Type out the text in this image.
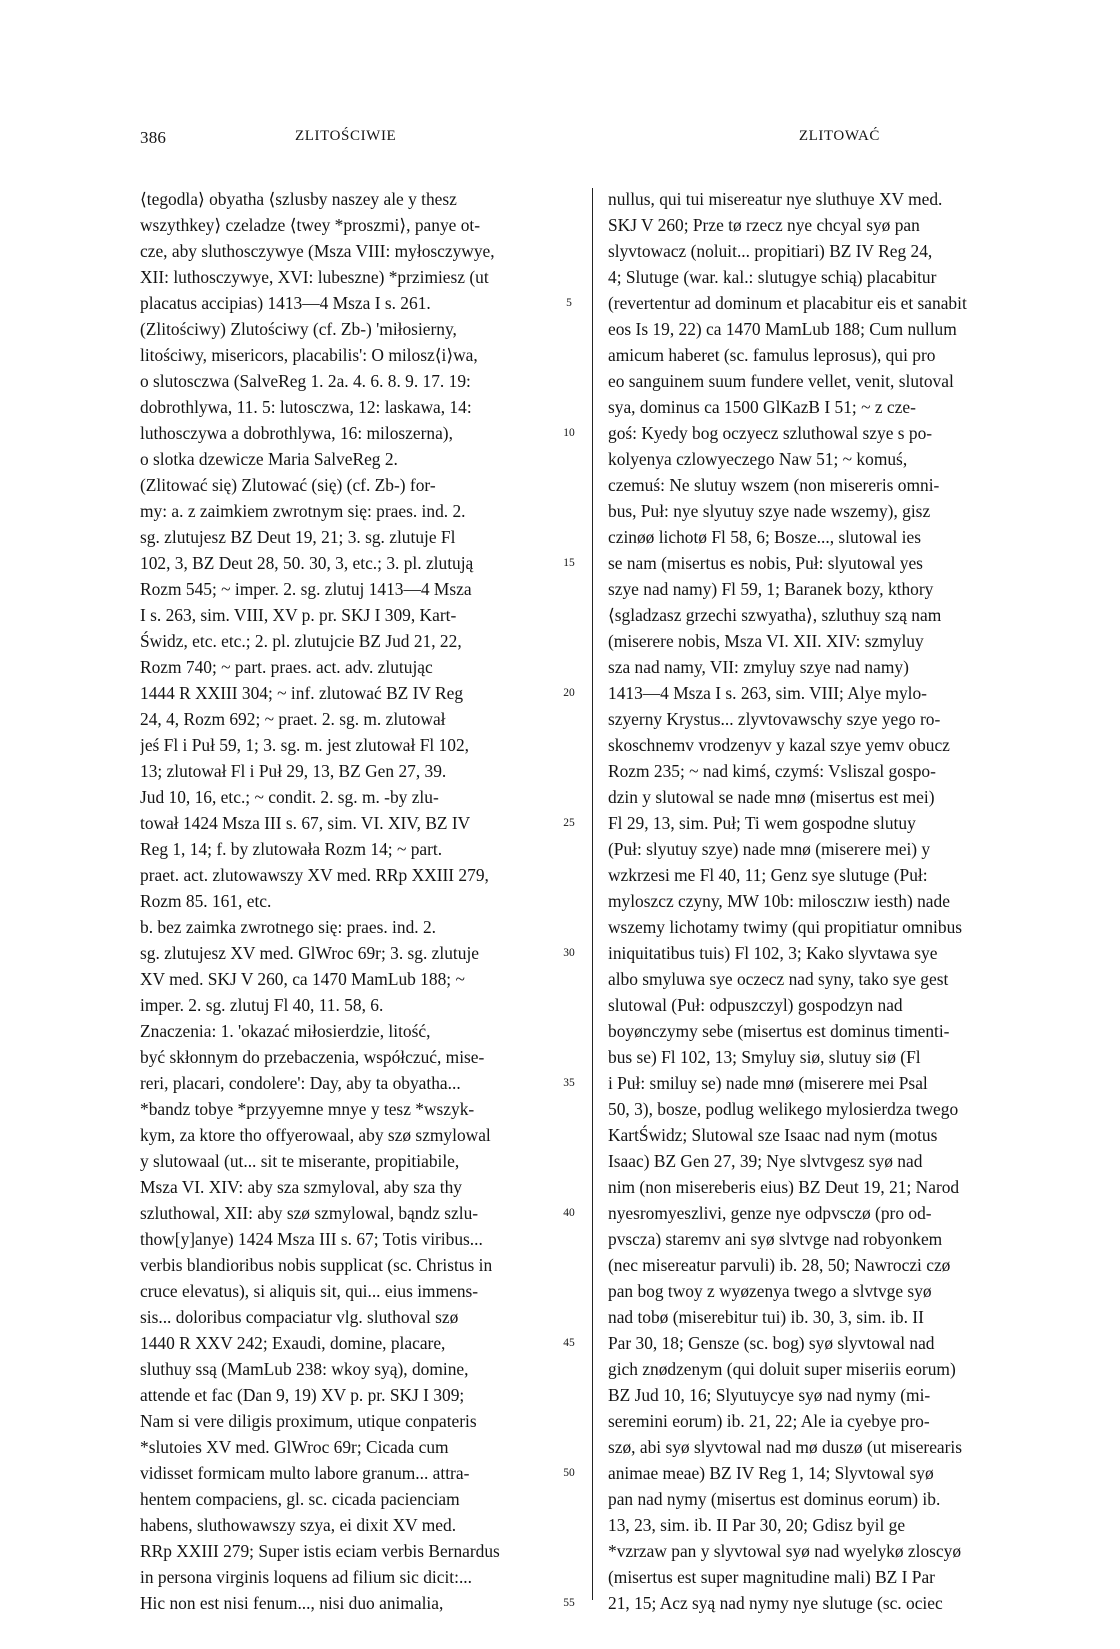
386	ZLITOŚCIWIE	ZLITOWAĆ
⟨tegodla⟩ obyatha ⟨szlusby naszey ale y thesz
wszythkey⟩ czeladze ⟨twey *proszmi⟩, panye ot-
cze, aby sluthosczywye (Msza VIII: myłosczywye,
XII: luthosczywye, XVI: lubeszne) *przimiesz (ut
placatus accipias) 1413—4 Msza I s. 261.
(Zlitościwy) Zlutościwy (cf. Zb-) 'miłosierny,
litościwy, misericors, placabilis': O milosz⟨i⟩wa,
o slutosczwa (SalveReg 1. 2a. 4. 6. 8. 9. 17. 19:
dobrothlywa, 11. 5: lutosczwa, 12: laskawa, 14:
luthosczywa a dobrothlywa, 16: miloszerna),
o slotka dzewicze Maria SalveReg 2.
(Zlitować się) Zlutować (się) (cf. Zb-) for-
my: a. z zaimkiem zwrotnym się: praes. ind. 2.
sg. zlutujesz BZ Deut 19, 21; 3. sg. zlutuje Fl
102, 3, BZ Deut 28, 50. 30, 3, etc.; 3. pl. zlutują
Rozm 545; ~ imper. 2. sg. zlutuj 1413—4 Msza
I s. 263, sim. VIII, XV p. pr. SKJ I 309, Kart-
Świdz, etc. etc.; 2. pl. zlutujcie BZ Jud 21, 22,
Rozm 740; ~ part. praes. act. adv. zlutując
1444 R XXIII 304; ~ inf. zlutować BZ IV Reg
24, 4, Rozm 692; ~ praet. 2. sg. m. zlutował
jeś Fl i Puł 59, 1; 3. sg. m. jest zlutował Fl 102,
13; zlutował Fl i Puł 29, 13, BZ Gen 27, 39.
Jud 10, 16, etc.; ~ condit. 2. sg. m. -by zlu-
tował 1424 Msza III s. 67, sim. VI. XIV, BZ IV
Reg 1, 14; f. by zlutowała Rozm 14; ~ part.
praet. act. zlutowawszy XV med. RRp XXIII 279,
Rozm 85. 161, etc.
b. bez zaimka zwrotnego się: praes. ind. 2.
sg. zlutujesz XV med. GlWroc 69r; 3. sg. zlutuje
XV med. SKJ V 260, ca 1470 MamLub 188; ~
imper. 2. sg. zlutuj Fl 40, 11. 58, 6.
Znaczenia: 1. 'okazać miłosierdzie, litość,
być skłonnym do przebaczenia, współczuć, mise-
reri, placari, condolere': Day, aby ta obyatha...
*bandz tobye *przyyemne mnye y tesz *wszyk-
kym, za ktore tho offyerowaal, aby szø szmylowal
y slutowaal (ut... sit te miserante, propitiabile,
Msza VI. XIV: aby sza szmyloval, aby sza thy
szluthowal, XII: aby szø szmylowal, bąndz szlu-
thow[y]anye) 1424 Msza III s. 67; Totis viribus...
verbis blandioribus nobis supplicat (sc. Christus in
cruce elevatus), si aliquis sit, qui... eius immens-
sis... doloribus compaciatur vlg. sluthoval szø
1440 R XXV 242; Exaudi, domine, placare,
sluthuy ssą (MamLub 238: wkoy syą), domine,
attende et fac (Dan 9, 19) XV p. pr. SKJ I 309;
Nam si vere diligis proximum, utique conpateris
*slutoies XV med. GlWroc 69r; Cicada cum
vidisset formicam multo labore granum... attra-
hentem compaciens, gl. sc. cicada pacienciam
habens, sluthowawszy szya, ei dixit XV med.
RRp XXIII 279; Super istis eciam verbis Bernardus
in persona virginis loquens ad filium sic dicit:...
Hic non est nisi fenum..., nisi duo animalia,
5
10
15
20
25
30
35
40
45
50
55
nullus, qui tui misereatur nye sluthuye XV med.
SKJ V 260; Prze tø rzecz nye chcyal syø pan
slyvtowacz (noluit... propitiari) BZ IV Reg 24,
4; Slutuge (war. kal.: slutugye schią) placabitur
(revertentur ad dominum et placabitur eis et sanabit
eos Is 19, 22) ca 1470 MamLub 188; Cum nullum
amicum haberet (sc. famulus leprosus), qui pro
eo sanguinem suum fundere vellet, venit, slutoval
sya, dominus ca 1500 GlKazB I 51; ~ z cze-
goś: Kyedy bog oczyecz szluthowal szye s po-
kolyenya czlowyeczego Naw 51; ~ komuś,
czemuś: Ne slutuy wszem (non misereris omni-
bus, Puł: nye slyutuy szye nade wszemy), gisz
czinøø lichotø Fl 58, 6; Bosze..., slutowal ies
se nam (misertus es nobis, Puł: slyutowal yes
szye nad namy) Fl 59, 1; Baranek bozy, kthory
⟨sgladzasz grzechi szwyatha⟩, szluthuy szą nam
(miserere nobis, Msza VI. XII. XIV: szmyluy
sza nad namy, VII: zmyluy szye nad namy)
1413—4 Msza I s. 263, sim. VIII; Alye mylo-
szyerny Krystus... zlyvtovawschy szye yego ro-
skoschnemv vrodzenyv y kazal szye yemv obucz
Rozm 235; ~ nad kimś, czymś: Vsliszal gospo-
dzin y slutowal se nade mnø (misertus est mei)
Fl 29, 13, sim. Puł; Ti wem gospodne slutuy
(Puł: slyutuy szye) nade mnø (miserere mei) y
wzkrzesi me Fl 40, 11; Genz sye slutuge (Puł:
myloszcz czyny, MW 10b: milosczıw iesth) nade
wszemy lichotamy twimy (qui propitiatur omnibus
iniquitatibus tuis) Fl 102, 3; Kako slyvtawa sye
albo smyluwa sye oczecz nad syny, tako sye gest
slutowal (Puł: odpuszczyl) gospodzyn nad
boyønczymy sebe (misertus est dominus timenti-
bus se) Fl 102, 13; Smyluy siø, slutuy siø (Fl
i Puł: smiluy se) nade mnø (miserere mei Psal
50, 3), bosze, podlug welikego mylosierdza twego
KartŚwidz; Slutowal sze Isaac nad nym (motus
Isaac) BZ Gen 27, 39; Nye slvtvgesz syø nad
nim (non misereberis eius) BZ Deut 19, 21; Narod
nyesromyeszlivi, genze nye odpvsczø (pro od-
pvscza) staremv ani syø slvtvge nad robyonkem
(nec misereatur parvuli) ib. 28, 50; Nawroczi czø
pan bog twoy z wyøzenya twego a slvtvge syø
nad tobø (miserebitur tui) ib. 30, 3, sim. ib. II
Par 30, 18; Gensze (sc. bog) syø slyvtowal nad
gich znødzenym (qui doluit super miseriis eorum)
BZ Jud 10, 16; Slyutuycye syø nad nymy (mi-
seremini eorum) ib. 21, 22; Ale ia cyebye pro-
szø, abi syø slyvtowal nad mø duszø (ut miserearis
animae meae) BZ IV Reg 1, 14; Slyvtowal syø
pan nad nymy (misertus est dominus eorum) ib.
13, 23, sim. ib. II Par 30, 20; Gdisz byil ge
*vzrzaw pan y slyvtowal syø nad wyelykø zloscyø
(misertus est super magnitudine mali) BZ I Par
21, 15; Acz syą nad nymy nye slutuge (sc. ociec
